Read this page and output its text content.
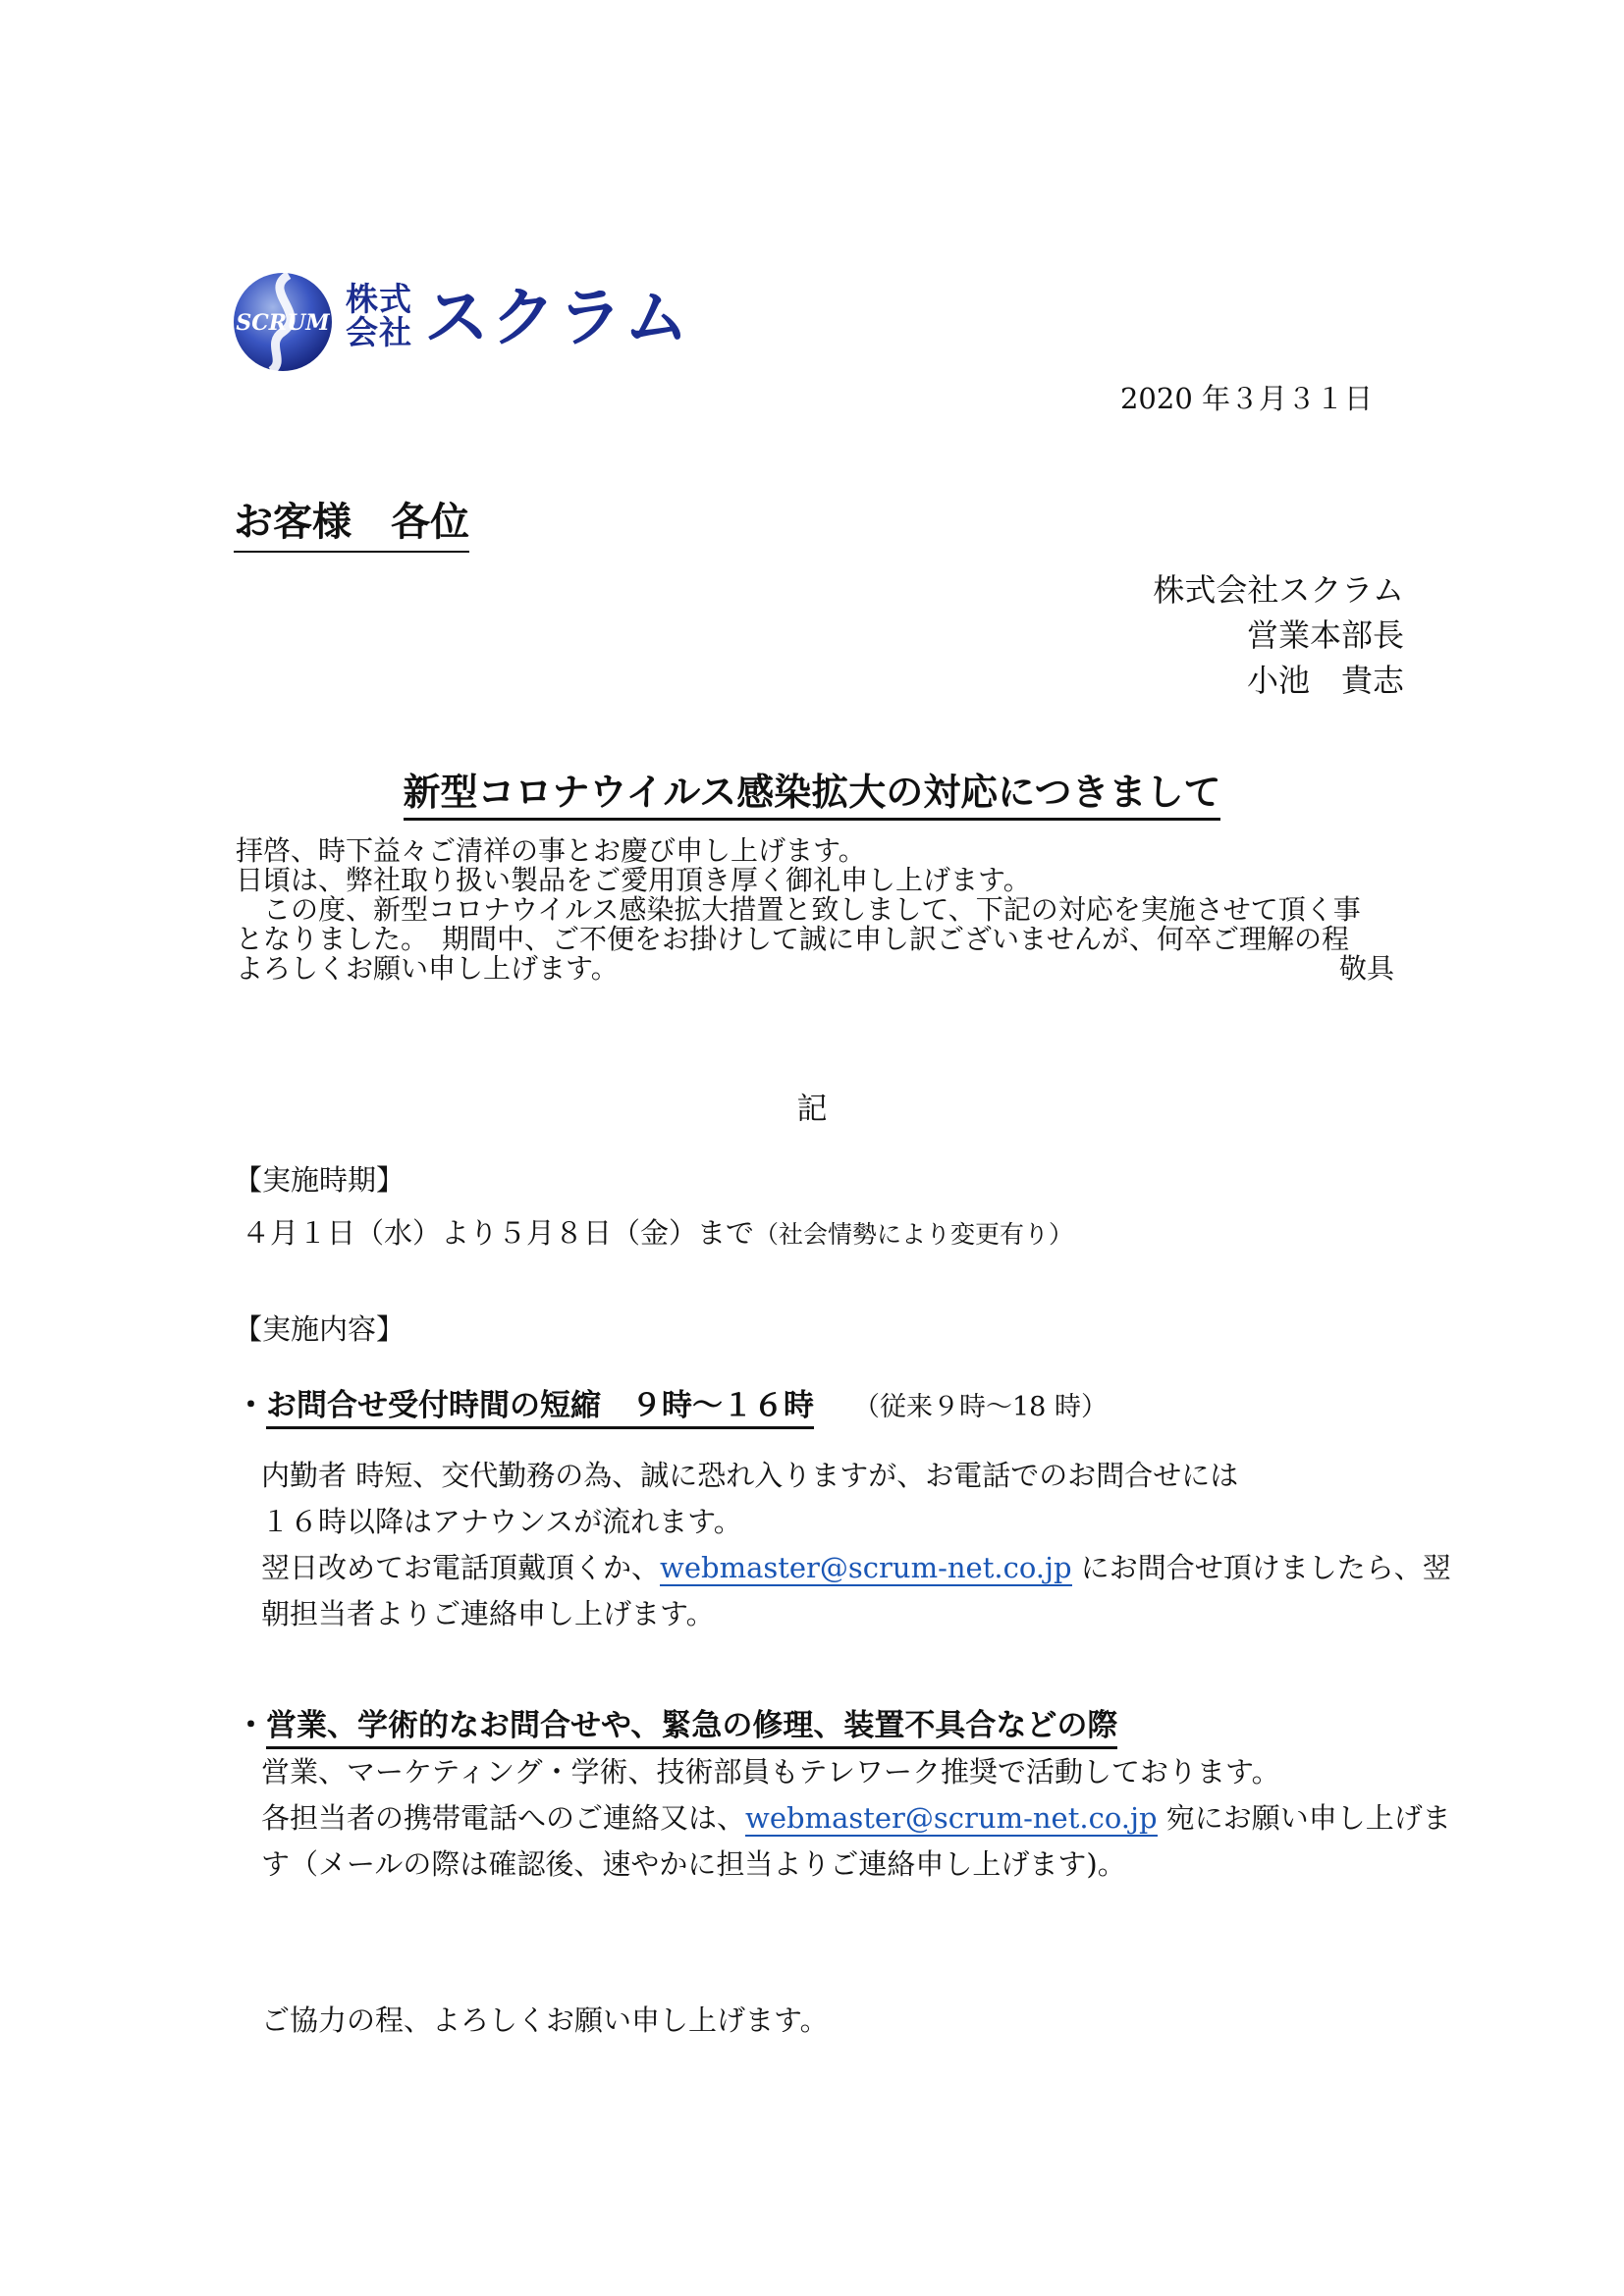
SCRUM
株式
会社 スクラム
2020 年３月３１日
お客様　各位
株式会社スクラム
営業本部長
小池　貴志
新型コロナウイルス感染拡大の対応につきまして

拝啓、時下益々ご清祥の事とお慶び申し上げます。

日頃は、弊社取り扱い製品をご愛用頂き厚く御礼申し上げます。

　この度、新型コロナウイルス感染拡大措置と致しまして、下記の対応を実施させて頂く事

となりました。　期間中、ご不便をお掛けして誠に申し訳ございませんが、何卒ご理解の程

よろしくお願い申し上げます。	敬具
記
【実施時期】
４月１日（水）より５月８日（金）まで（社会情勢により変更有り）
【実施内容】
・お問合せ受付時間の短縮　９時〜１６時 （従来９時〜18 時）

内勤者 時短、交代勤務の為、誠に恐れ入りますが、お電話でのお問合せには

１６時以降はアナウンスが流れます。

翌日改めてお電話頂戴頂くか、webmaster@scrum-net.co.jp にお問合せ頂けましたら、翌

朝担当者よりご連絡申し上げます。

・営業、学術的なお問合せや、緊急の修理、装置不具合などの際

営業、マーケティング・学術、技術部員もテレワーク推奨で活動しております。

各担当者の携帯電話へのご連絡又は、webmaster@scrum-net.co.jp 宛にお願い申し上げま

す（メールの際は確認後、速やかに担当よりご連絡申し上げます)。

ご協力の程、よろしくお願い申し上げます。
